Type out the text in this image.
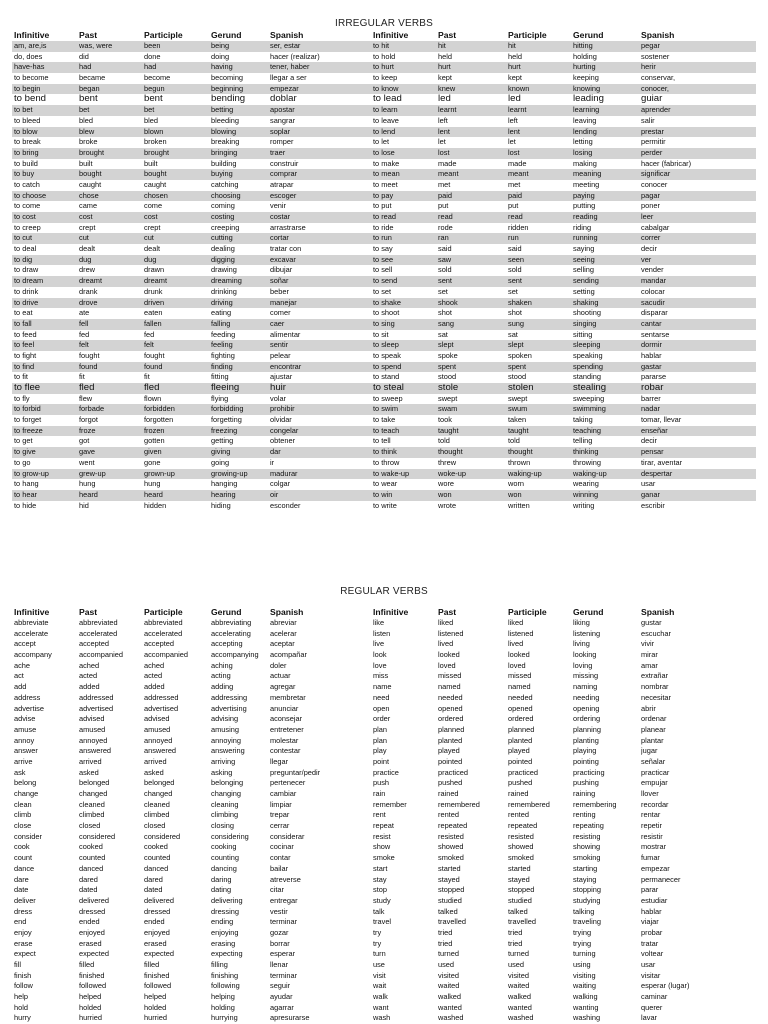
IRREGULAR VERBS
Infinitive	Past	Participle	Gerund	Spanish	Infinitive	Past	Participle	Gerund	Spanish
am, are,is	was, were	been	being	ser, estar	to hit	hit	hit	hitting	pegar
do, does	did	done	doing	hacer (realizar)	to hold	held	held	holding	sostener
have-has	had	had	having	tener, haber	to hurt	hurt	hurt	hurting	herir
to become	became	become	becoming	llegar a ser	to keep	kept	kept	keeping	conservar,
to begin	began	begun	beginning	empezar	to know	knew	known	knowing	conocer,
to bend	bent	bent	bending	doblar	to lead	led	led	leading	guiar
to bet	bet	bet	betting	apostar	to learn	learnt	learnt	learning	aprender
to bleed	bled	bled	bleeding	sangrar	to leave	left	left	leaving	salir
to blow	blew	blown	blowing	soplar	to lend	lent	lent	lending	prestar
to break	broke	broken	breaking	romper	to let	let	let	letting	permitir
to bring	brought	brought	bringing	traer	to lose	lost	lost	losing	perder
to build	built	built	building	construir	to make	made	made	making	hacer (fabricar)
to buy	bought	bought	buying	comprar	to mean	meant	meant	meaning	significar
to catch	caught	caught	catching	atrapar	to meet	met	met	meeting	conocer
to choose	chose	chosen	choosing	escoger	to pay	paid	paid	paying	pagar
to come	came	come	coming	venir	to put	put	put	putting	poner
to cost	cost	cost	costing	costar	to read	read	read	reading	leer
to creep	crept	crept	creeping	arrastrarse	to ride	rode	ridden	riding	cabalgar
to cut	cut	cut	cutting	cortar	to run	ran	run	running	correr
to deal	dealt	dealt	dealing	tratar con	to say	said	said	saying	decir
to dig	dug	dug	digging	excavar	to see	saw	seen	seeing	ver
to draw	drew	drawn	drawing	dibujar	to sell	sold	sold	selling	vender
to dream	dreamt	dreamt	dreaming	soñar	to send	sent	sent	sending	mandar
to drink	drank	drunk	drinking	beber	to set	set	set	setting	colocar
to drive	drove	driven	driving	manejar	to shake	shook	shaken	shaking	sacudir
to eat	ate	eaten	eating	comer	to shoot	shot	shot	shooting	disparar
to fall	fell	fallen	falling	caer	to sing	sang	sung	singing	cantar
to feed	fed	fed	feeding	alimentar	to sit	sat	sat	sitting	sentarse
to feel	felt	felt	feeling	sentir	to sleep	slept	slept	sleeping	dormir
to fight	fought	fought	fighting	pelear	to speak	spoke	spoken	speaking	hablar
to find	found	found	finding	encontrar	to spend	spent	spent	spending	gastar
to fit	fit	fit	fitting	ajustar	to stand	stood	stood	standing	pararse
to flee	fled	fled	fleeing	huir	to steal	stole	stolen	stealing	robar
to fly	flew	flown	flying	volar	to sweep	swept	swept	sweeping	barrer
to forbid	forbade	forbidden	forbidding	prohibir	to swim	swam	swum	swimming	nadar
to forget	forgot	forgotten	forgetting	olvidar	to take	took	taken	taking	tomar, llevar
to freeze	froze	frozen	freezing	congelar	to teach	taught	taught	teaching	enseñar
to get	got	gotten	getting	obtener	to tell	told	told	telling	decir
to give	gave	given	giving	dar	to think	thought	thought	thinking	pensar
to go	went	gone	going	ir	to throw	threw	thrown	throwing	tirar, aventar
to grow-up	grew-up	grown-up	growing-up	madurar	to wake-up	woke-up	waking-up	waking-up	despertar
to hang	hung	hung	hanging	colgar	to wear	wore	worn	wearing	usar
to hear	heard	heard	hearing	oir	to win	won	won	winning	ganar
to hide	hid	hidden	hiding	esconder	to write	wrote	written	writing	escribir
REGULAR VERBS
Infinitive	Past	Participle	Gerund	Spanish	Infinitive	Past	Participle	Gerund	Spanish
abbreviate	abbreviated	abbreviated	abbreviating	abreviar	like	liked	liked	liking	gustar
accelerate	accelerated	accelerated	accelerating	acelerar	listen	listened	listened	listening	escuchar
accept	accepted	accepted	accepting	aceptar	live	lived	lived	living	vivir
accompany	accompanied	accompanied	accompanying	acompañar	look	looked	looked	looking	mirar
ache	ached	ached	aching	doler	love	loved	loved	loving	amar
act	acted	acted	acting	actuar	miss	missed	missed	missing	extrañar
add	added	added	adding	agregar	name	named	named	naming	nombrar
address	addressed	addressed	addressing	membretar	need	needed	needed	needing	necesitar
advertise	advertised	advertised	advertising	anunciar	open	opened	opened	opening	abrir
advise	advised	advised	advising	aconsejar	order	ordered	ordered	ordering	ordenar
amuse	amused	amused	amusing	entretener	plan	planned	planned	planning	planear
annoy	annoyed	annoyed	annoying	molestar	plan	planted	planted	planting	plantar
answer	answered	answered	answering	contestar	play	played	played	playing	jugar
arrive	arrived	arrived	arriving	llegar	point	pointed	pointed	pointing	señalar
ask	asked	asked	asking	preguntar/pedir	practice	practiced	practiced	practicing	practicar
belong	belonged	belonged	belonging	pertenecer	push	pushed	pushed	pushing	empujar
change	changed	changed	changing	cambiar	rain	rained	rained	raining	llover
clean	cleaned	cleaned	cleaning	limpiar	remember	remembered	remembered	remembering	recordar
climb	climbed	climbed	climbing	trepar	rent	rented	rented	renting	rentar
close	closed	closed	closing	cerrar	repeat	repeated	repeated	repeating	repetir
consider	considered	considered	considering	considerar	resist	resisted	resisted	resisting	resistir
cook	cooked	cooked	cooking	cocinar	show	showed	showed	showing	mostrar
count	counted	counted	counting	contar	smoke	smoked	smoked	smoking	fumar
dance	danced	danced	dancing	bailar	start	started	started	starting	empezar
dare	dared	dared	daring	atreverse	stay	stayed	stayed	staying	permanecer
date	dated	dated	dating	citar	stop	stopped	stopped	stopping	parar
deliver	delivered	delivered	delivering	entregar	study	studied	studied	studying	estudiar
dress	dressed	dressed	dressing	vestir	talk	talked	talked	talking	hablar
end	ended	ended	ending	terminar	travel	travelled	travelled	traveling	viajar
enjoy	enjoyed	enjoyed	enjoying	gozar	try	tried	tried	trying	probar
erase	erased	erased	erasing	borrar	try	tried	tried	trying	tratar
expect	expected	expected	expecting	esperar	turn	turned	turned	turning	voltear
fill	filled	filled	filling	llenar	use	used	used	using	usar
finish	finished	finished	finishing	terminar	visit	visited	visited	visiting	visitar
follow	followed	followed	following	seguir	wait	waited	waited	waiting	esperar (lugar)
help	helped	helped	helping	ayudar	walk	walked	walked	walking	caminar
hold	holded	holded	holding	agarrar	want	wanted	wanted	wanting	querer
hurry	hurried	hurried	hurrying	apresurarse	wash	washed	washed	washing	lavar
